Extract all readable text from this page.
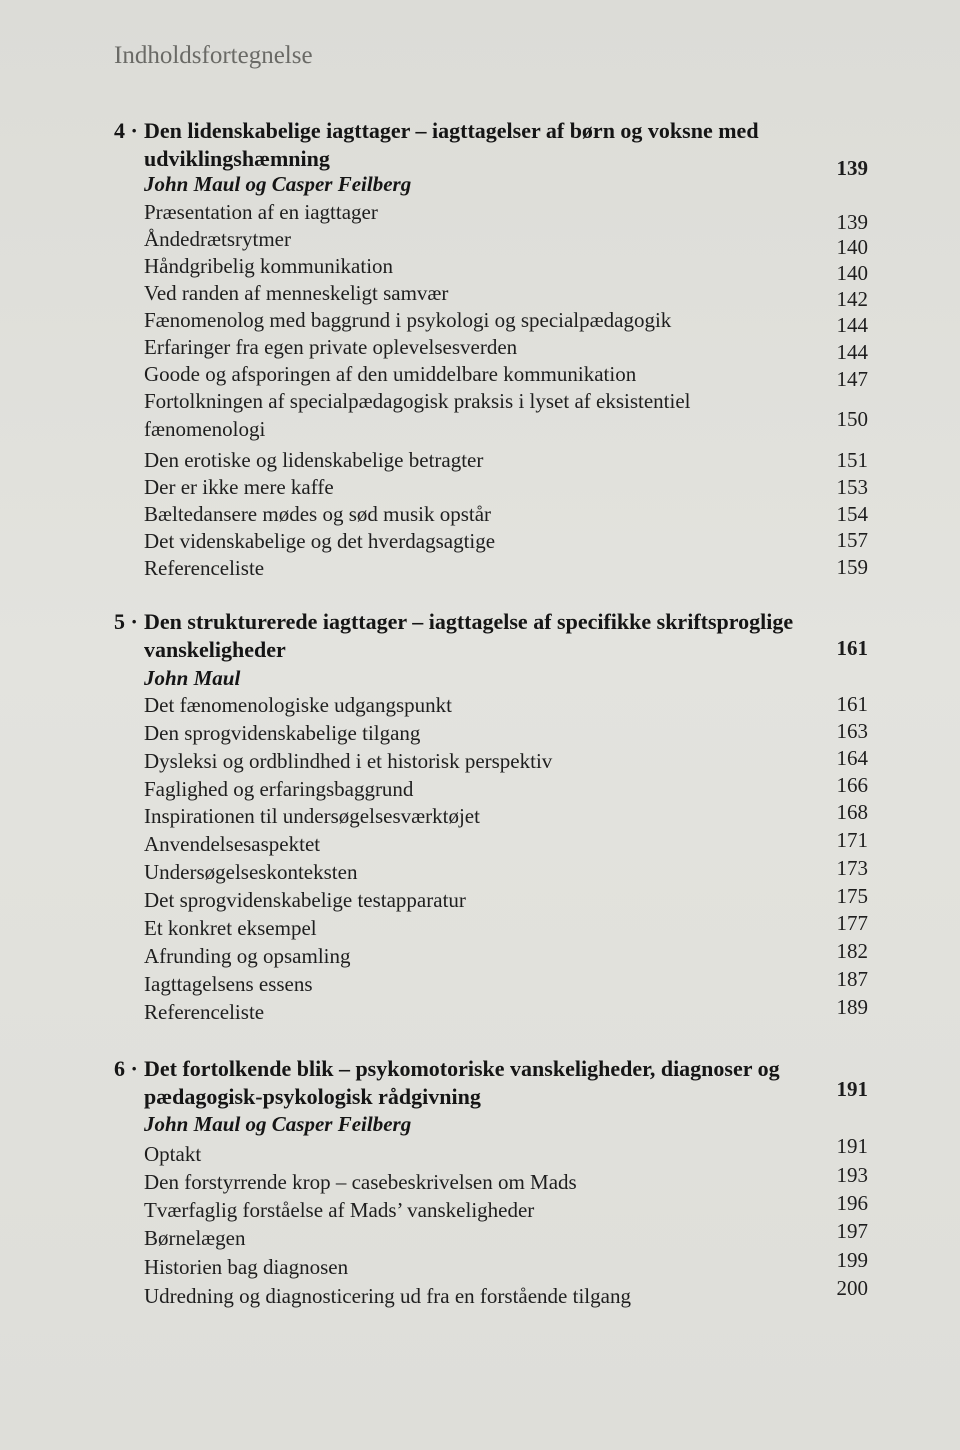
Indholdsfortegnelse
4 · Den lidenskabelige iagttager – iagttagelser af børn og voksne med
udviklingshæmning	139
John Maul og Casper Feilberg
Præsentation af en iagttager	139
Åndedrætsrytmer	140
Håndgribelig kommunikation	140
Ved randen af menneskeligt samvær	142
Fænomenolog med baggrund i psykologi og specialpædagogik	144
Erfaringer fra egen private oplevelsesverden	144
Goode og afsporingen af den umiddelbare kommunikation	147
Fortolkningen af specialpædagogisk praksis i lyset af eksistentiel
fænomenologi	150
Den erotiske og lidenskabelige betragter	151
Der er ikke mere kaffe	153
Bæltedansere mødes og sød musik opstår	154
Det videnskabelige og det hverdagsagtige	157
Referenceliste	159
5 · Den strukturerede iagttager – iagttagelse af specifikke skriftsproglige
vanskeligheder	161
John Maul
Det fænomenologiske udgangspunkt	161
Den sprogvidenskabelige tilgang	163
Dysleksi og ordblindhed i et historisk perspektiv	164
Faglighed og erfaringsbaggrund	166
Inspirationen til undersøgelsesværktøjet	168
Anvendelsesaspektet	171
Undersøgelseskonteksten	173
Det sprogvidenskabelige testapparatur	175
Et konkret eksempel	177
Afrunding og opsamling	182
Iagttagelsens essens	187
Referenceliste	189
6 · Det fortolkende blik – psykomotoriske vanskeligheder, diagnoser og
pædagogisk-psykologisk rådgivning	191
John Maul og Casper Feilberg
Optakt	191
Den forstyrrende krop – casebeskrivelsen om Mads	193
Tværfaglig forståelse af Mads’ vanskeligheder	196
Børnelægen	197
Historien bag diagnosen	199
Udredning og diagnosticering ud fra en forstående tilgang	200
